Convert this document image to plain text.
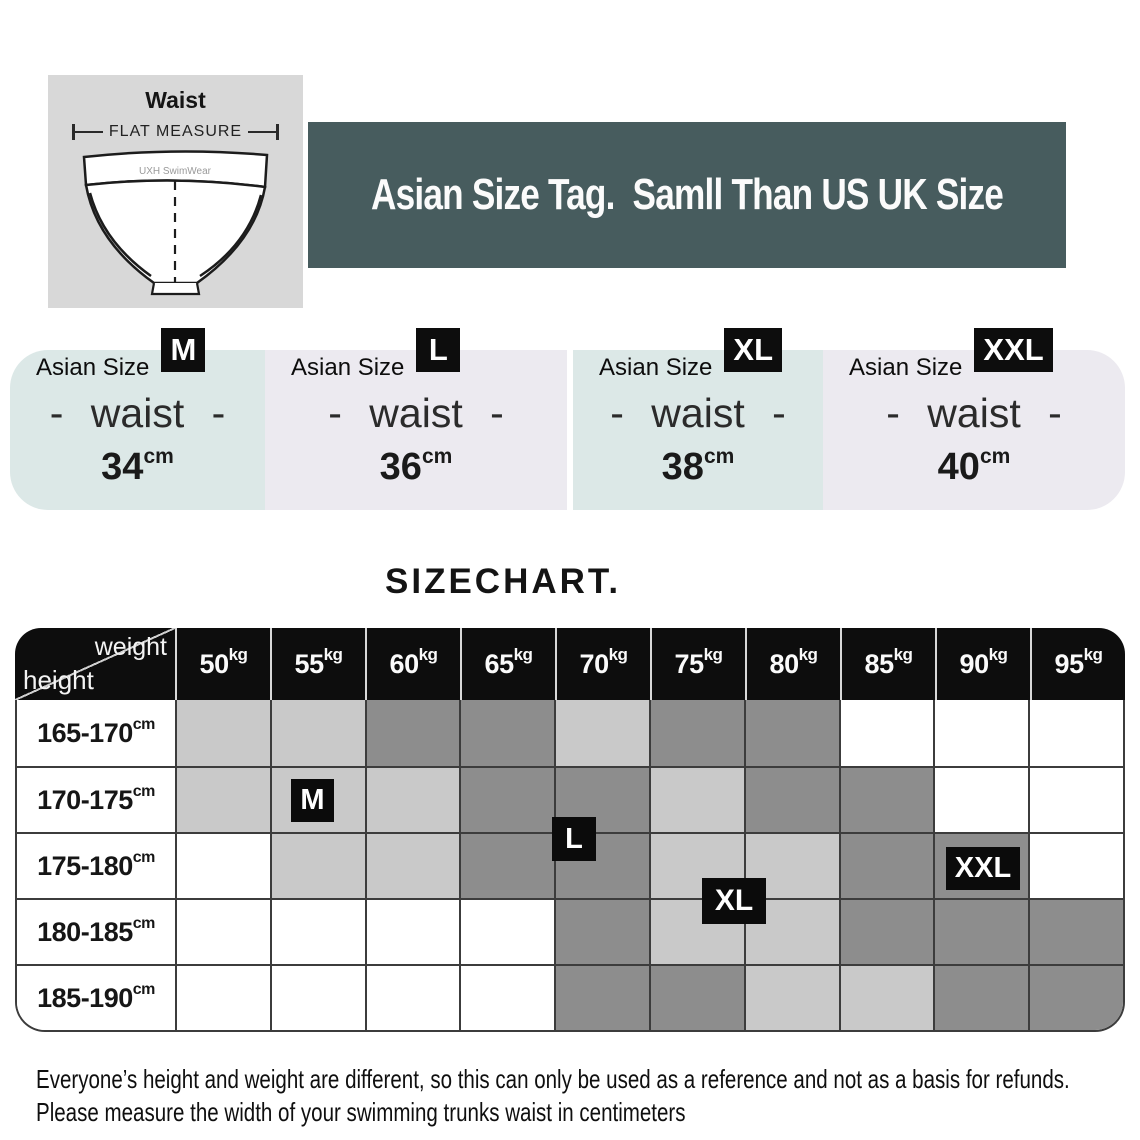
Waist
FLAT MEASURE
UXH SwimWear	Asian Size Tag.  Samll Than US UK Size
Asian Size
M
- waist -
$34^{cm}$
Asian Size
L
- waist -
$36^{cm}$
Asian Size
XL
- waist -
$38^{cm}$
Asian Size
XXL
- waist -
$40^{cm}$
SIZECHART.
weight
height
$50^{kg}$ $55^{kg}$ $60^{kg}$ $65^{kg}$ $70^{kg}$ $75^{kg}$ $80^{kg}$ $85^{kg}$ $90^{kg}$ $95^{kg}$
$165-170^{cm}$
$170-175^{cm}$
$175-180^{cm}$
$180-185^{cm}$
$185-190^{cm}$
M
L
XL
XXL
Everyone’s height and weight are different, so this can only be used as a reference and not as a basis for refunds.
Please measure the width of your swimming trunks waist in centimeters
